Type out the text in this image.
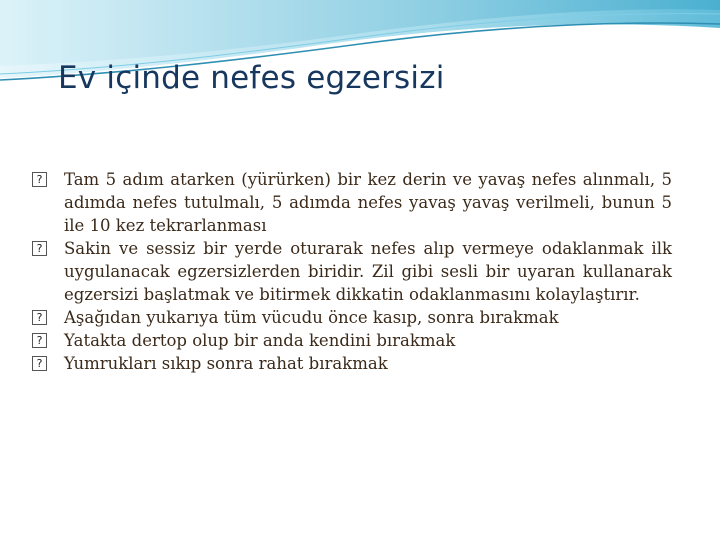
Ev içinde nefes egzersizi
? Tam 5 adım atarken (yürürken) bir kez derin ve yavaş nefes alınmalı, 5 adımda nefes tutulmalı, 5 adımda nefes yavaş yavaş verilmeli, bunun 5 ile 10 kez tekrarlanması
? Sakin ve sessiz bir yerde oturarak nefes alıp vermeye odaklanmak ilk uygulanacak egzersizlerden biridir. Zil gibi sesli bir uyaran kullanarak egzersizi başlatmak ve bitirmek dikkatin odaklanmasını kolaylaştırır.
? Aşağıdan yukarıya tüm vücudu önce kasıp, sonra bırakmak
? Yatakta dertop olup bir anda kendini bırakmak
? Yumrukları sıkıp sonra rahat bırakmak
